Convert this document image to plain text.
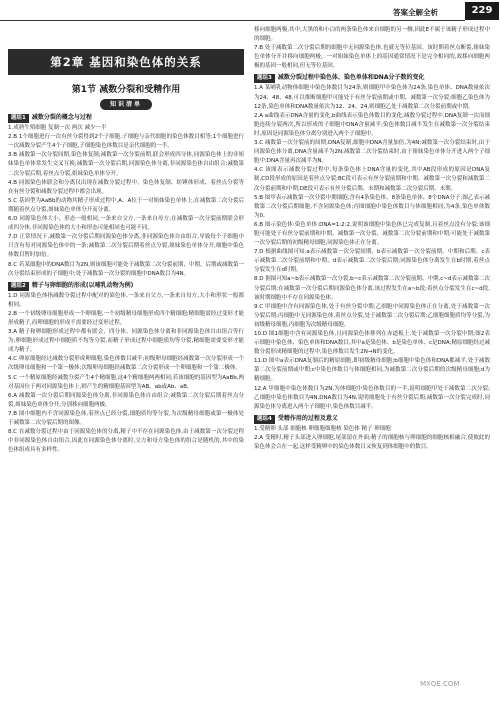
答案全解全析	229
第2章 基因和染色体的关系
第1节 减数分裂和受精作用
知识清单
题组1 减数分裂的概念与过程

1.成熟生殖细胞 复制一次 两次 减少一半

2.B 1个细胞进行一次有丝分裂得到2个子细胞,子细胞与亲代细胞的染色体数目相等;1个细胞进行一次减数分裂产生4个子细胞,子细胞染色体数目是亲代细胞的一半。

3.B 减数第一次分裂间期,染色体复制;减数第一次分裂前期,联会形成四分体,同源染色体上的非姐妹染色单体常发生交叉互换;减数第一次分裂后期,同源染色体分离,非同源染色体自由组合;减数第二次分裂后期,着丝点分裂,姐妹染色单体分开。

4.B 同源染色体联会和分离仅出现在减数分裂过程中。染色体复制、纺锤体形成、着丝点分裂等在有丝分裂和减数分裂过程中都会出现。

5.C 基因型为AaBb的动物其精子形成过程中,A、A位于一对姐妹染色单体上,在减数第二次分裂后期随着丝点分裂,姐妹染色单体分开而分离。

6.D 同源染色体大小、形态一般相同,一条来自父方,一条来自母方;在减数第一次分裂前期联会形成四分体,非同源染色体的大小和形态可能相同也可能不同。

7.D 正常情况下,减数第一次分裂后期同源染色体分离,非同源染色体自由组合,导致每个子细胞中只含有每对同源染色体中的一条;减数第二次分裂后期着丝点分裂,姐妹染色单体分开,细胞中染色体数目暂时加倍。

8.C 若某细胞中的DNA数目为2N,则该细胞可能处于减数第二次分裂前期、中期、后期或减数第一次分裂结束形成的子细胞中;处于减数第一次分裂的细胞中DNA数目为4N。

题组2 精子与卵细胞的形成(以哺乳动物为例)

1.D 同源染色体指减数分裂过程中配对的染色体,一条来自父方,一条来自母方,大小和形状一般都相同。

2.B 一个初级卵母细胞形成一个卵细胞,一个初级精母细胞形成四个精细胞;精细胞需经过变形才能形成精子,而卵细胞的形成不需要经过变形过程。

3.A 精子和卵细胞形成过程中都有联会、四分体、同源染色体分离和非同源染色体自由组合等行为;卵细胞形成过程中细胞质不均等分裂,而精子形成过程中细胞质均等分裂,精细胞需要变形才能成为精子。

4.C 卵原细胞经过减数分裂形成卵细胞,染色体数目减半;初级卵母细胞经减数第一次分裂形成一个次级卵母细胞和一个第一极体;次级卵母细胞经减数第二次分裂形成一个卵细胞和一个第二极体。

5.C 一个精原细胞经减数分裂产生4个精细胞,这4个精细胞两两相同;若该细胞的基因型为AaBb,两对基因位于两对同源染色体上,则产生的精细胞基因型为AB、ab或Ab、aB。

6.A 减数第一次分裂后期同源染色体分离,非同源染色体自由组合;减数第二次分裂后期着丝点分裂,姐妹染色单体分开,分别移向细胞两极。

7.B 图中细胞内不含同源染色体,着丝点已经分裂,细胞质均等分裂,为次级精母细胞或第一极体处于减数第二次分裂后期的图像。

8.C 在减数分裂过程中由于同源染色体的分离,精子中不存在同源染色体,由于减数第一次分裂过程中非同源染色体自由组合,因此在同源染色体分离时,父方和母方染色体的组合是随机的,其中的染色体组成具有多样性。

移向细胞两极,其中,大黑的和小白的两条染色体来自细胞的另一侧,因此E不属于该精子形成过程中的细胞。

7.B 处于减数第二次分裂后期的细胞中无同源染色体,也就无等位基因。该时期着丝点断裂,姐妹染色单体分开并移向细胞两极。一对姐妹染色单体上的基因通常情况下是完全相同的,故移向细胞两极的基因一般相同,但无等位基因。

题组3 减数分裂过程中染色体、染色单体和DNA分子数的变化

1.A 某哺乳动物体细胞中染色体数目为24条,则细胞甲中染色体为24条,染色单体、DNA数量依次为24、48、48,可以推断细胞甲可能处于有丝分裂前期或中期、减数第一次分裂;细胞乙染色体为12条,染色单体和DNA数量依次为12、24、24,则细胞乙处于减数第二次分裂前期或中期。

2.A a曲线表示DNA含量的变化,b曲线表示染色体数目的变化;减数分裂过程中,DNA复制一次而细胞连续分裂两次,所以形成的子细胞中DNA含量减半;染色体数目减半发生在减数第一次分裂结束时,原因是同源染色体分离分别进入两个子细胞中。

3.C 减数第一次分裂前的间期,DNA复制,细胞中DNA含量加倍,为4N;减数第一次分裂结束时,由于同源染色体分离,DNA含量减半为2N;减数第二次分裂结束时,由于姐妹染色单体分开进入两个子细胞中,DNA含量再次减半为N。

4.C 该图表示减数分裂过程中,每条染色体上DNA含量的变化,其中AB段形成的原因是DNA复制,CD段形成的原因是着丝点分裂;BC段可表示有丝分裂前期和中期、减数第一次分裂和减数第二次分裂前期和中期;DE段可表示有丝分裂后期、末期和减数第二次分裂后期、末期。

5.B 图甲表示减数第一次分裂中期细胞,含有4条染色体、8条染色单体、8个DNA分子;图乙表示减数第二次分裂后期细胞,不含同源染色体;丙图细胞中染色体数目与体细胞相同,为4条,染色单体数为0。

6.B 图示染色体:染色单体:DNA=1:2:2,说明该细胞中染色体已完成复制,且着丝点没有分裂;该细胞可能处于有丝分裂前期和中期、减数第一次分裂、减数第二次分裂前期和中期;可能处于减数第一次分裂后期的初级精母细胞,同源染色体正在分离。

7.D 根据曲线图可知:a表示减数第一次分裂间期、b表示减数第一次分裂前期、中期和后期、c表示减数第二次分裂前期和中期、d表示减数第二次分裂后期;同源染色体分离发生在b时期,着丝点分裂发生在d时期。

8.D 据图可知a~b表示减数第一次分裂,b~c表示减数第二次分裂前期、中期,c~d表示减数第二次分裂后期;在减数第一次分裂后期同源染色体分离,该过程发生在a~b段;着丝点分裂发生在c~d段,该时期细胞中不存在同源染色体。

9.C 甲细胞中含有同源染色体,处于有丝分裂中期;乙细胞中同源染色体正在分离,处于减数第一次分裂后期;丙细胞中无同源染色体,着丝点分裂,处于减数第二次分裂后期;乙细胞细胞质均等分裂,为初级精母细胞,丙细胞为次级精母细胞。

10.D 图1细胞中含有同源染色体,且同源染色体排列在赤道板上,处于减数第一次分裂中期;图2表示细胞中染色体、染色单体和DNA数目,其中a是染色体、b是染色单体、c是DNA;精原细胞经过减数分裂形成精细胞的过程中,染色体数目发生2N→N的变化。

11.D 图中a表示DNA复制后的精原细胞,即初级精母细胞;b细胞中染色体和DNA都减半,处于减数第二次分裂前期或中期;c中染色体数目与体细胞相同,为减数第二次分裂后期的次级精母细胞;d为精细胞。

12.A 甲细胞中染色体数目为2N,为体细胞中染色体数目的一半,说明细胞甲处于减数第二次分裂;乙细胞中染色体数目为4N,DNA数目为4N,说明细胞处于有丝分裂后期;减数第一次分裂完成时,同源染色体分离进入两个子细胞中,染色体数目减半。

题组4 受精作用的过程及意义

1.受精卵 头部 细胞核 卵细胞细胞核 染色体 精子 卵细胞

2.A 受精时,精子头部进入卵细胞,尾部留在外面;精子的细胞核与卵细胞的细胞核相融合,使彼此的染色体会合在一起,这样受精卵中的染色体数目又恢复到体细胞中的数目。

MXQE.COM
